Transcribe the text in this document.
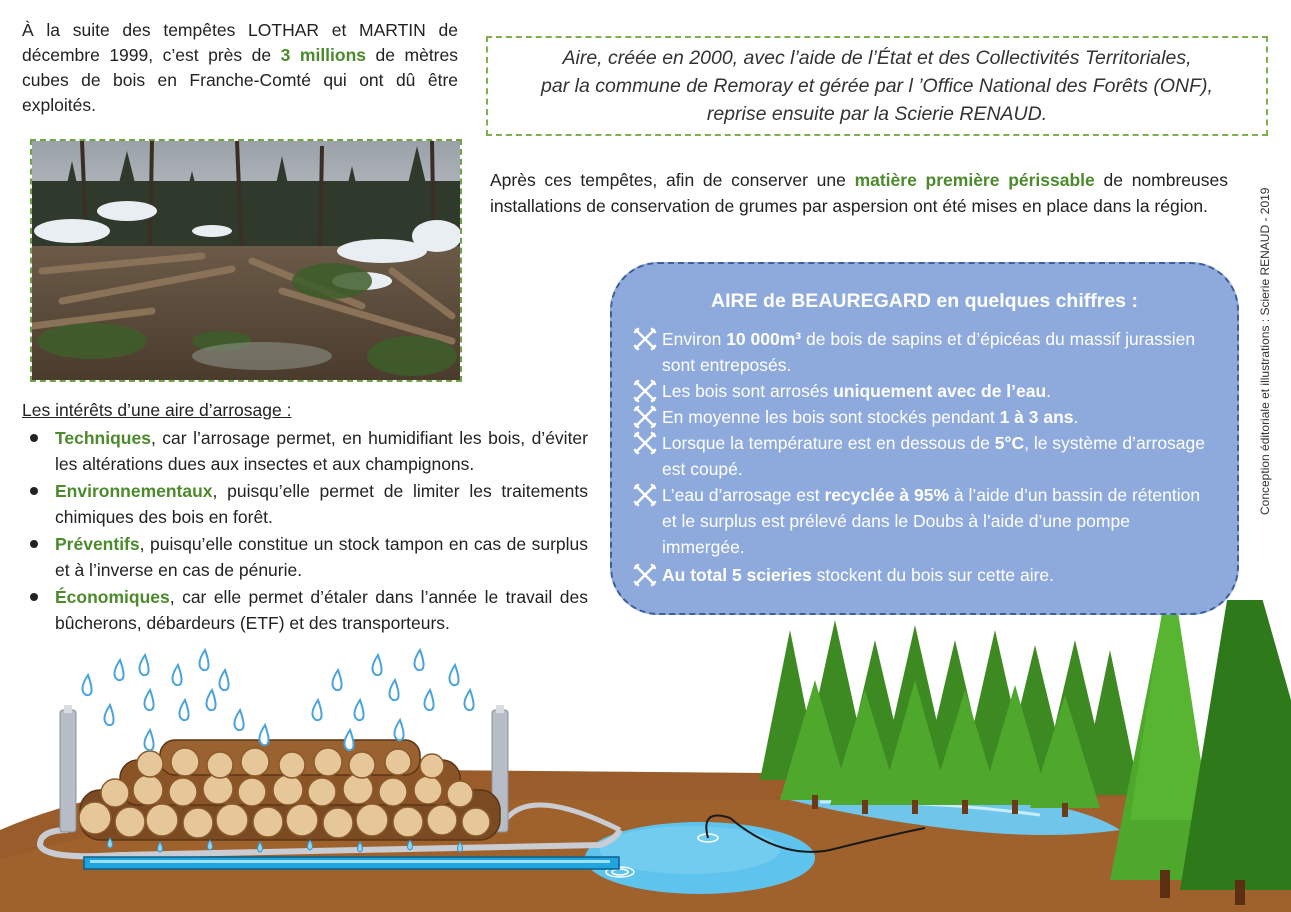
À la suite des tempêtes LOTHAR et MARTIN de décembre 1999, c’est près de 3 millions de mètres cubes de bois en Franche-Comté qui ont dû être exploités.
Aire, créée en 2000, avec l’aide de l’État et des Collectivités Territoriales,
par la commune de Remoray et gérée par l ’Office National des Forêts (ONF),
reprise ensuite par la Scierie RENAUD.
Après ces tempêtes, afin de conserver une matière première périssable de nombreuses installations de conservation de grumes par aspersion ont été mises en place dans la région.	Conception éditoriale et illustrations : Scierie RENAUD - 2019
AIRE de BEAUREGARD en quelques chiffres :
Environ 10 000m³ de bois de sapins et d’épicéas du massif jurassien sont entreposés.
Les bois sont arrosés uniquement avec de l’eau.
En moyenne les bois sont stockés pendant 1 à 3 ans.
Lorsque la température est en dessous de 5°C, le système d’arrosage est coupé.
L’eau d’arrosage est recyclée à 95% à l’aide d’un bassin de rétention et le surplus est prélevé dans le Doubs à l’aide d’une pompe immergée.
Au total 5 scieries stockent du bois sur cette aire.
Les intérêts d’une aire d’arrosage :
Techniques, car l’arrosage permet, en humidifiant les bois, d’éviter les altérations dues aux insectes et aux champignons.
Environnementaux, puisqu’elle permet de limiter les traitements chimiques des bois en forêt.
Préventifs, puisqu’elle constitue un stock tampon en cas de surplus et à l’inverse en cas de pénurie.
Économiques, car elle permet d’étaler dans l’année le travail des bûcherons, débardeurs (ETF) et des transporteurs.
